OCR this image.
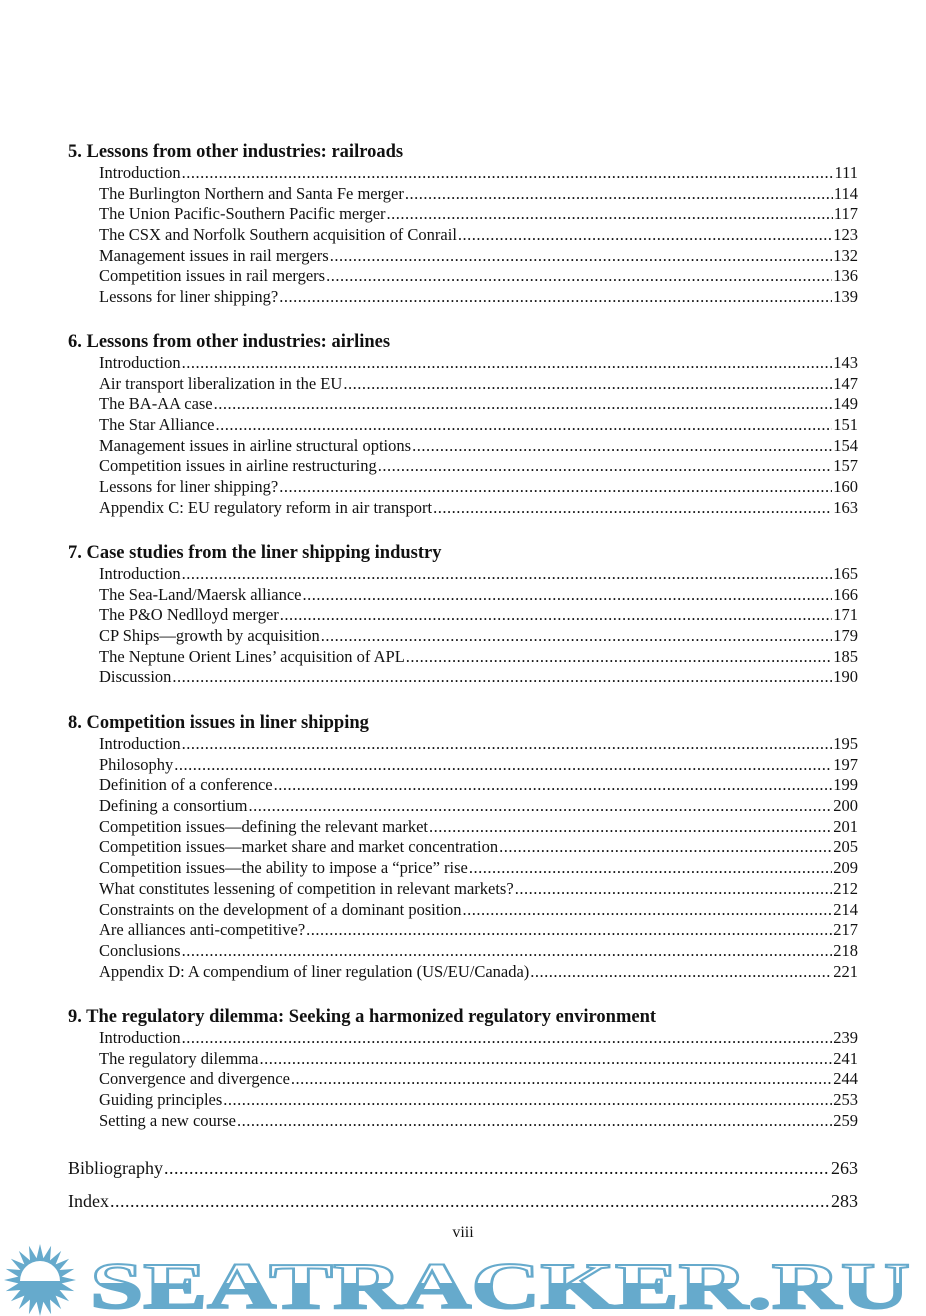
5. Lessons from other industries: railroads
Introduction .....	111
The Burlington Northern and Santa Fe merger .....	114
The Union Pacific-Southern Pacific merger .....	117
The CSX and Norfolk Southern acquisition of Conrail .....	123
Management issues in rail mergers .....	132
Competition issues in rail mergers .....	136
Lessons for liner shipping? .....	139
6. Lessons from other industries: airlines
Introduction .....	143
Air transport liberalization in the EU .....	147
The BA-AA case .....	149
The Star Alliance .....	151
Management issues in airline structural options .....	154
Competition issues in airline restructuring .....	157
Lessons for liner shipping? .....	160
Appendix C: EU regulatory reform in air transport .....	163
7. Case studies from the liner shipping industry
Introduction .....	165
The Sea-Land/Maersk alliance .....	166
The P&O Nedlloyd merger .....	171
CP Ships—growth by acquisition .....	179
The Neptune Orient Lines’ acquisition of APL .....	185
Discussion .....	190
8. Competition issues in liner shipping
Introduction .....	195
Philosophy .....	197
Definition of a conference .....	199
Defining a consortium .....	200
Competition issues—defining the relevant market .....	201
Competition issues—market share and market concentration .....	205
Competition issues—the ability to impose a “price” rise .....	209
What constitutes lessening of competition in relevant markets? .....	212
Constraints on the development of a dominant position .....	214
Are alliances anti-competitive? .....	217
Conclusions .....	218
Appendix D: A compendium of liner regulation (US/EU/Canada) .....	221
9. The regulatory dilemma: Seeking a harmonized regulatory environment
Introduction .....	239
The regulatory dilemma .....	241
Convergence and divergence .....	244
Guiding principles .....	253
Setting a new course .....	259
Bibliography .....	263
Index .....	283
viii
SEATRACKER.RU
